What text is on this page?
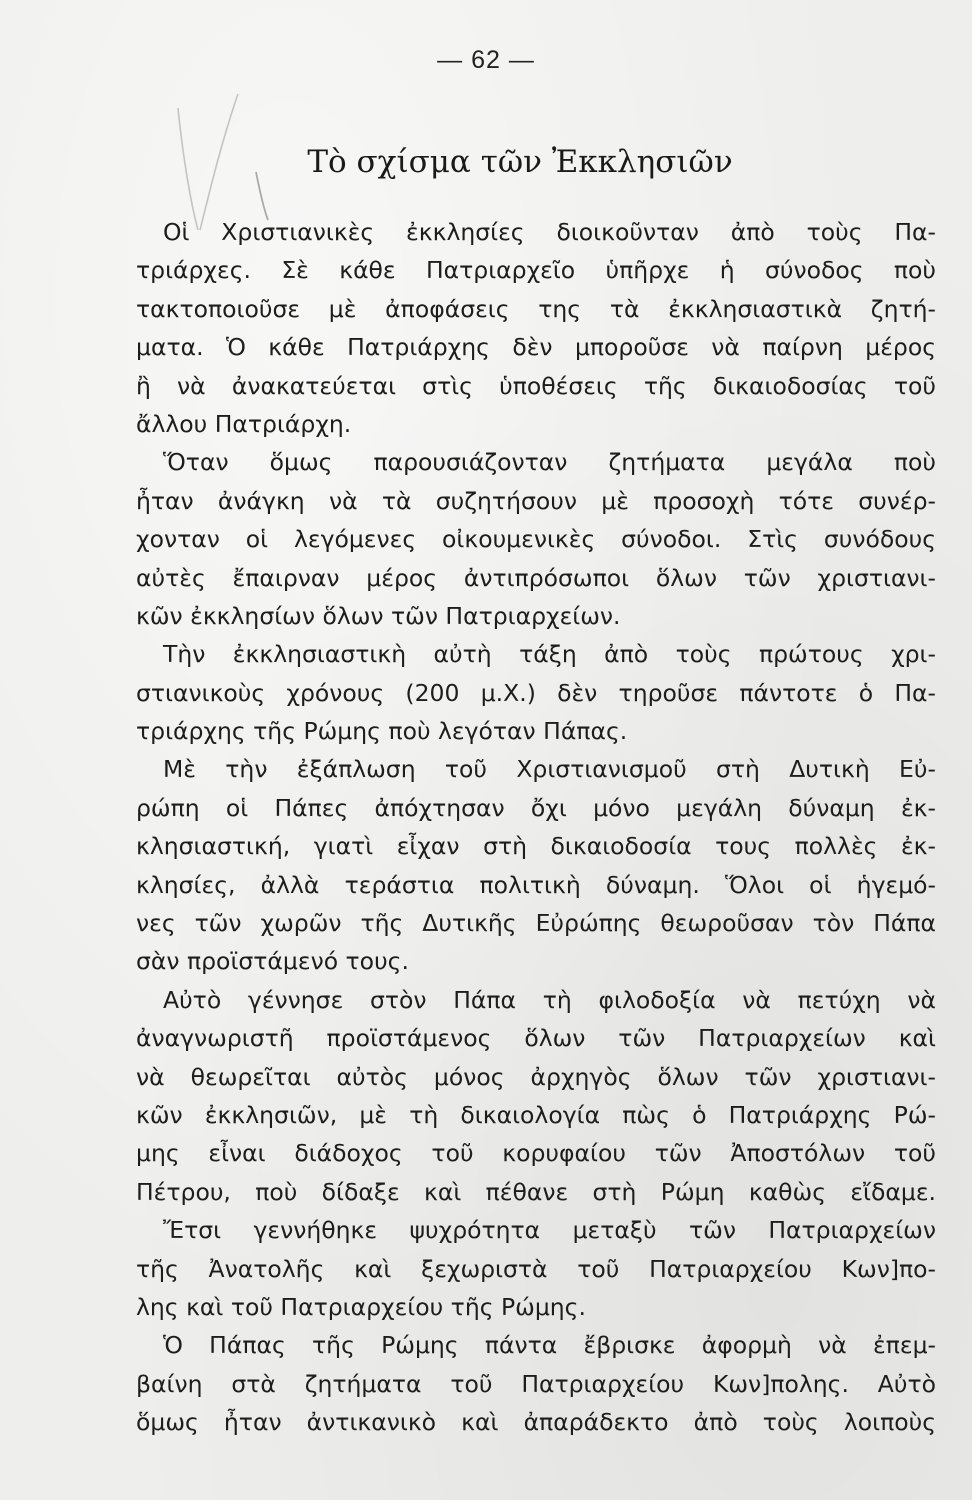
— 62 —
Τὸ σχίσμα τῶν Ἐκκλησιῶν
Οἱ Χριστιανικὲς ἐκκλησίες διοικοῦνταν ἀπὸ τοὺς Πα-
τριάρχες. Σὲ κάθε Πατριαρχεῖο ὑπῆρχε ἡ σύνοδος ποὺ
τακτοποιοῦσε μὲ ἀποφάσεις της τὰ ἐκκλησιαστικὰ ζητή-
ματα. Ὁ κάθε Πατριάρχης δὲν μποροῦσε νὰ παίρνη μέρος
ἢ νὰ ἀνακατεύεται στὶς ὑποθέσεις τῆς δικαιοδοσίας τοῦ
ἄλλου Πατριάρχη.
Ὅταν ὅμως παρουσιάζονταν ζητήματα μεγάλα ποὺ
ἦταν ἀνάγκη νὰ τὰ συζητήσουν μὲ προσοχὴ τότε συνέρ-
χονταν οἱ λεγόμενες οἰκουμενικὲς σύνοδοι. Στὶς συνόδους
αὐτὲς ἔπαιρναν μέρος ἀντιπρόσωποι ὅλων τῶν χριστιανι-
κῶν ἐκκλησίων ὅλων τῶν Πατριαρχείων.
Τὴν ἐκκλησιαστικὴ αὐτὴ τάξη ἀπὸ τοὺς πρώτους χρι-
στιανικοὺς χρόνους (200 μ.Χ.) δὲν τηροῦσε πάντοτε ὁ Πα-
τριάρχης τῆς Ρώμης ποὺ λεγόταν Πάπας.
Μὲ τὴν ἐξάπλωση τοῦ Χριστιανισμοῦ στὴ Δυτικὴ Εὐ-
ρώπη οἱ Πάπες ἀπόχτησαν ὄχι μόνο μεγάλη δύναμη ἐκ-
κλησιαστική, γιατὶ εἶχαν στὴ δικαιοδοσία τους πολλὲς ἐκ-
κλησίες, ἀλλὰ τεράστια πολιτικὴ δύναμη. Ὅλοι οἱ ἡγεμό-
νες τῶν χωρῶν τῆς Δυτικῆς Εὐρώπης θεωροῦσαν τὸν Πάπα
σὰν προϊστάμενό τους.
Αὐτὸ γέννησε στὸν Πάπα τὴ φιλοδοξία νὰ πετύχη νὰ
ἀναγνωριστῆ προϊστάμενος ὅλων τῶν Πατριαρχείων καὶ
νὰ θεωρεῖται αὐτὸς μόνος ἀρχηγὸς ὅλων τῶν χριστιανι-
κῶν ἐκκλησιῶν, μὲ τὴ δικαιολογία πὼς ὁ Πατριάρχης Ρώ-
μης εἶναι διάδοχος τοῦ κορυφαίου τῶν Ἀποστόλων τοῦ
Πέτρου, ποὺ δίδαξε καὶ πέθανε στὴ Ρώμη καθὼς εἴδαμε.
Ἔτσι γεννήθηκε ψυχρότητα μεταξὺ τῶν Πατριαρχείων
τῆς Ἀνατολῆς καὶ ξεχωριστὰ τοῦ Πατριαρχείου Κων]πο-
λης καὶ τοῦ Πατριαρχείου τῆς Ρώμης.
Ὁ Πάπας τῆς Ρώμης πάντα ἔβρισκε ἀφορμὴ νὰ ἐπεμ-
βαίνη στὰ ζητήματα τοῦ Πατριαρχείου Κων]πολης. Αὐτὸ
ὅμως ἦταν ἀντικανικὸ καὶ ἀπαράδεκτο ἀπὸ τοὺς λοιποὺς
